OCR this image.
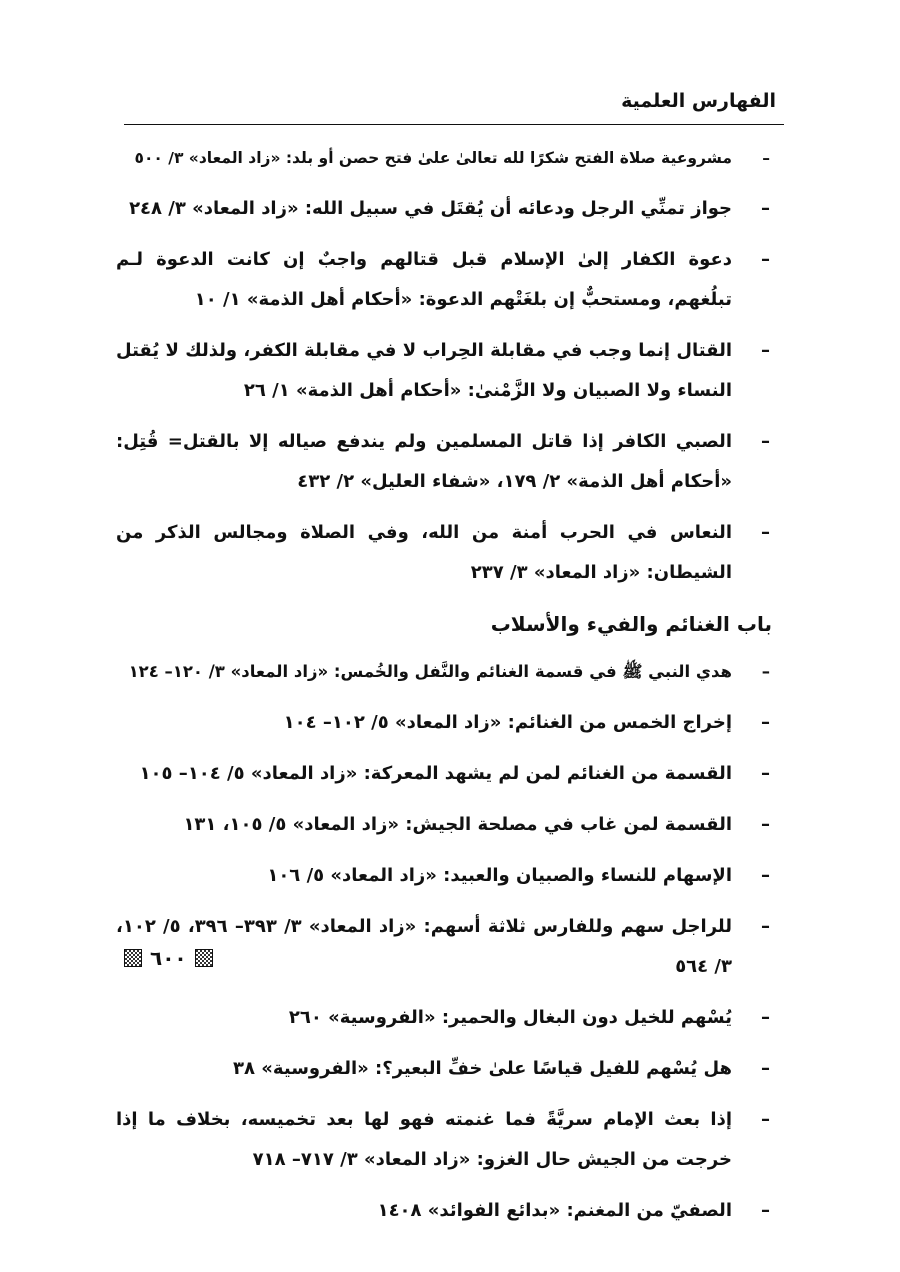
الفهارس العلمية
–
مشروعية صلاة الفتح شكرًا لله تعالىٰ علىٰ فتح حصن أو بلد: «زاد المعاد» ٣/ ٥٠٠
–
جواز تمنِّي الرجل ودعائه أن يُقتَل في سبيل الله: «زاد المعاد» ٣/ ٢٤٨
–
دعوة الكفار إلىٰ الإسلام قبل قتالهم واجبٌ إن كانت الدعوة لـم تبلُغهم، ومستحبٌّ إن بلغَتْهم الدعوة: «أحكام أهل الذمة» ١/ ١٠
–
القتال إنما وجب في مقابلة الحِراب لا في مقابلة الكفر، ولذلك لا يُقتل النساء ولا الصبيان ولا الزَّمْنىٰ: «أحكام أهل الذمة» ١/ ٢٦
–
الصبي الكافر إذا قاتل المسلمين ولم يندفع صياله إلا بالقتل= قُتِل: «أحكام أهل الذمة» ٢/ ١٧٩، «شفاء العليل» ٢/ ٤٣٢
–
النعاس في الحرب أمنة من الله، وفي الصلاة ومجالس الذكر من الشيطان: «زاد المعاد» ٣/ ٢٣٧
باب الغنائم والفيء والأسلاب
–
هدي النبي ﷺ في قسمة الغنائم والنَّفل والخُمس: «زاد المعاد» ٣/ ١٢٠– ١٢٤
–
إخراج الخمس من الغنائم: «زاد المعاد» ٥/ ١٠٢– ١٠٤
–
القسمة من الغنائم لمن لم يشهد المعركة: «زاد المعاد» ٥/ ١٠٤– ١٠٥
–
القسمة لمن غاب في مصلحة الجيش: «زاد المعاد» ٥/ ١٠٥، ١٣١
–
الإسهام للنساء والصبيان والعبيد: «زاد المعاد» ٥/ ١٠٦
–
للراجل سهم وللفارس ثلاثة أسهم: «زاد المعاد» ٣/ ٣٩٣– ٣٩٦، ٥/ ١٠٢، ٣/ ٥٦٤
–
يُسْهم للخيل دون البغال والحمير: «الفروسية» ٢٦٠
–
هل يُسْهم للفيل قياسًا علىٰ خفِّ البعير؟: «الفروسية» ٣٨
–
إذا بعث الإمام سريَّةً فما غنمته فهو لها بعد تخميسه، بخلاف ما إذا خرجت من الجيش حال الغزو: «زاد المعاد» ٣/ ٧١٧– ٧١٨
–
الصفيّ من المغنم: «بدائع الفوائد» ١٤٠٨
٦٠٠
